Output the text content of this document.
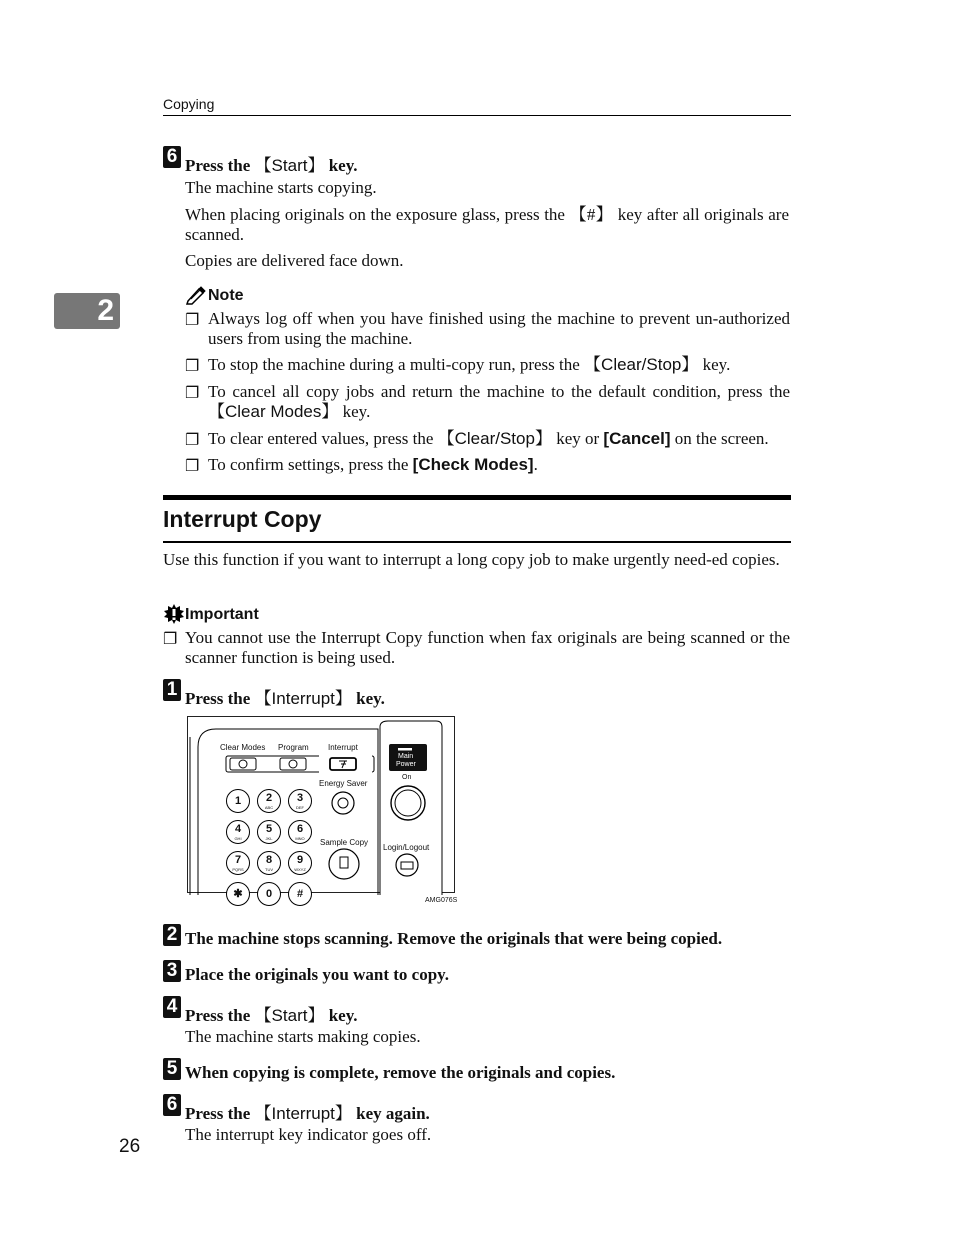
Copying
2
6 Press the 【Start】 key.
The machine starts copying.
When placing originals on the exposure glass, press the 【#】 key after all originals are scanned.
Copies are delivered face down.
Note
❐ Always log off when you have finished using the machine to prevent un-authorized users from using the machine.
❐ To stop the machine during a multi-copy run, press the 【Clear/Stop】 key.
❐ To cancel all copy jobs and return the machine to the default condition, press the 【Clear Modes】 key.
❐ To clear entered values, press the 【Clear/Stop】 key or [Cancel] on the screen.
❐ To confirm settings, press the [Check Modes].
Interrupt Copy
Use this function if you want to interrupt a long copy job to make urgently need-ed copies.
Important
❐ You cannot use the Interrupt Copy function when fax originals are being scanned or the scanner function is being used.
1 Press the 【Interrupt】 key.
Clear Modes Program Interrupt
Energy Saver
Sample Copy
Login/Logout
Main
Power
On
1	2
ABC
3
DEF
4
GHI
5
JKL
6
MNO
7
PQRS
8
TUV
9
WXYZ
✱	0	#
AMG076S
2 The machine stops scanning. Remove the originals that were being copied.
3 Place the originals you want to copy.
4 Press the 【Start】 key.
The machine starts making copies.
5 When copying is complete, remove the originals and copies.
6 Press the 【Interrupt】 key again.
The interrupt key indicator goes off.
26
